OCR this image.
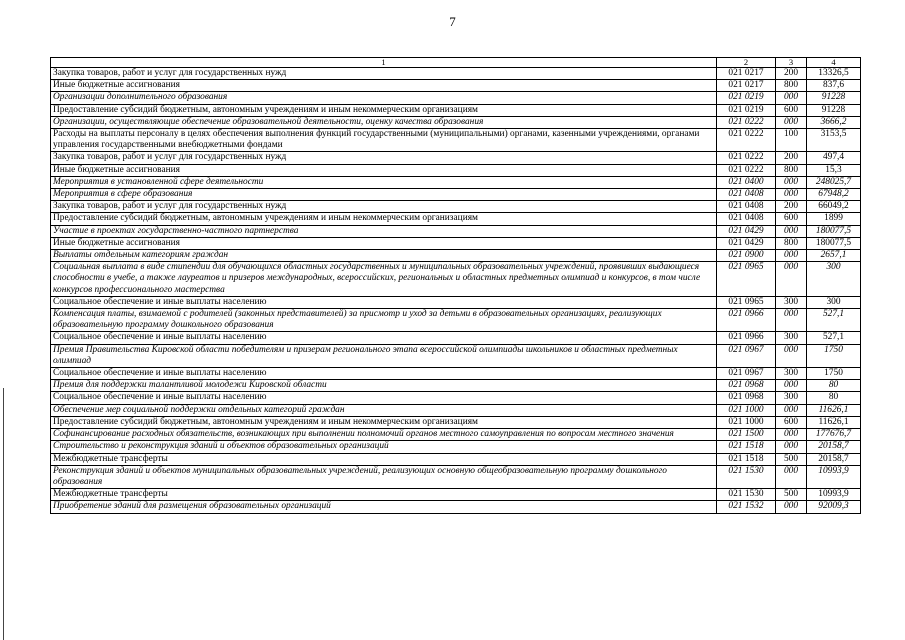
7
1	2	3	4
Закупка товаров, работ и услуг для государственных нужд	021 0217	200	13326,5
Иные бюджетные ассигнования	021 0217	800	837,6
Организации дополнительного образования	021 0219	000	91228
Предоставление субсидий бюджетным, автономным учреждениям и иным некоммерческим организациям	021 0219	600	91228
Организации, осуществляющие обеспечение образовательной деятельности, оценку качества образования	021 0222	000	3666,2
Расходы на выплаты персоналу в целях обеспечения выполнения функций государственными (муниципальными) органами, казенными учреждениями, органами управления государственными внебюджетными фондами	021 0222	100	3153,5
Закупка товаров, работ и услуг для государственных нужд	021 0222	200	497,4
Иные бюджетные ассигнования	021 0222	800	15,3
Мероприятия в установленной сфере деятельности	021 0400	000	248025,7
Мероприятия в сфере образования	021 0408	000	67948,2
Закупка товаров, работ и услуг для государственных нужд	021 0408	200	66049,2
Предоставление субсидий бюджетным, автономным учреждениям и иным некоммерческим организациям	021 0408	600	1899
Участие в проектах государственно-частного партнерства	021 0429	000	180077,5
Иные бюджетные ассигнования	021 0429	800	180077,5
Выплаты отдельным категориям граждан	021 0900	000	2657,1
Социальная выплата в виде стипендии для обучающихся областных государственных и муниципальных образовательных учреждений, проявивших выдающиеся способности в учебе, а также лауреатов и призеров международных, всероссийских, региональных и областных предметных олимпиад и конкурсов, в том числе конкурсов профессионального мастерства	021 0965	000	300
Социальное обеспечение и иные выплаты населению	021 0965	300	300
Компенсация платы, взимаемой с родителей (законных представителей) за присмотр и уход за детьми в образовательных организациях, реализующих образовательную программу дошкольного образования	021 0966	000	527,1
Социальное обеспечение и иные выплаты населению	021 0966	300	527,1
Премия Правительства Кировской области победителям и призерам регионального этапа всероссийской олимпиады школьников и областных предметных олимпиад	021 0967	000	1750
Социальное обеспечение и иные выплаты населению	021 0967	300	1750
Премия для поддержки талантливой молодежи Кировской области	021 0968	000	80
Социальное обеспечение и иные выплаты населению	021 0968	300	80
Обеспечение мер социальной поддержки отдельных категорий граждан	021 1000	000	11626,1
Предоставление субсидий бюджетным, автономным учреждениям и иным некоммерческим организациям	021 1000	600	11626,1
Софинансирование расходных обязательств, возникающих при выполнении полномочий органов местного самоуправления по вопросам местного значения	021 1500	000	177676,7
Строительство и реконструкция зданий и объектов образовательных организаций	021 1518	000	20158,7
Межбюджетные трансферты	021 1518	500	20158,7
Реконструкция зданий и объектов муниципальных образовательных учреждений, реализующих основную общеобразовательную программу дошкольного образования	021 1530	000	10993,9
Межбюджетные трансферты	021 1530	500	10993,9
Приобретение зданий для размещения образовательных организаций	021 1532	000	92009,3
